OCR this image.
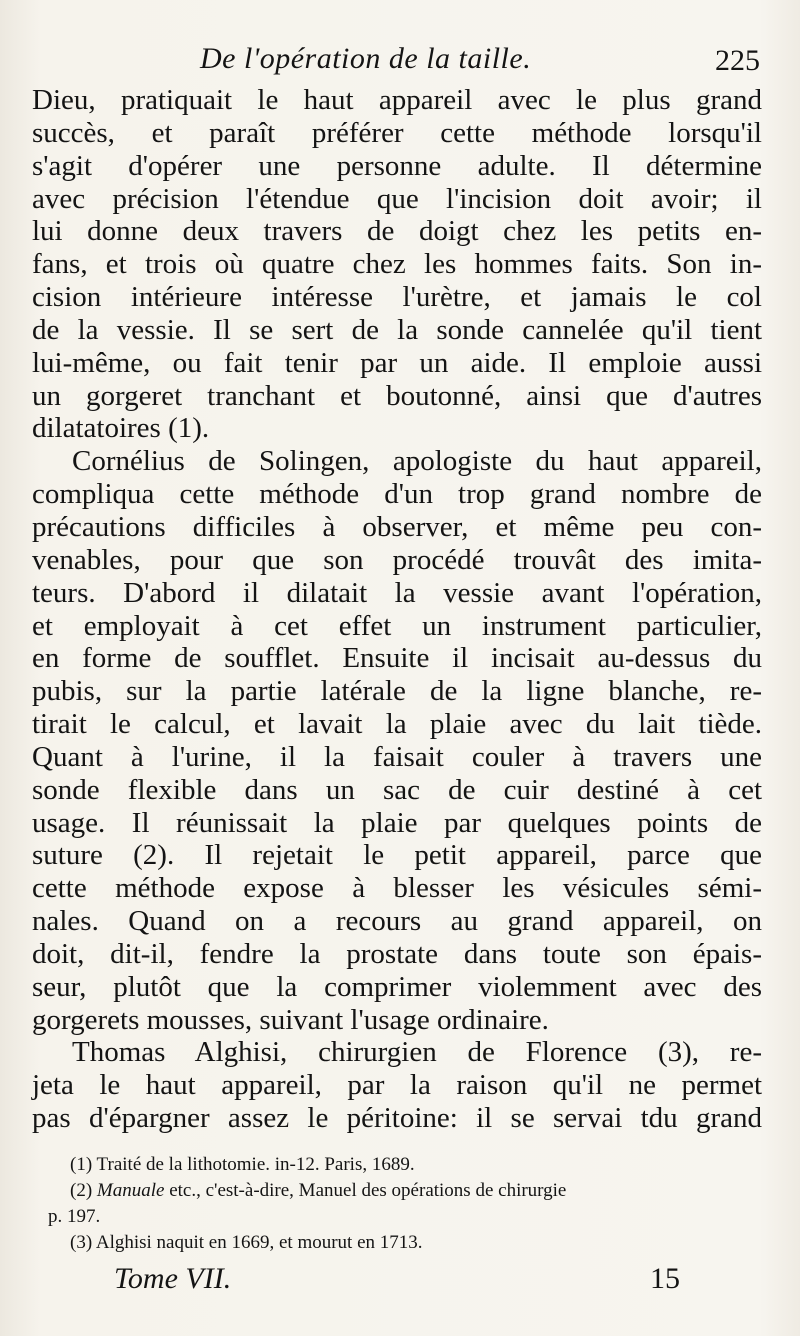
De l'opération de la taille.	225
Dieu, pratiquait le haut appareil avec le plus grand
succès, et paraît préférer cette méthode lorsqu'il
s'agit d'opérer une personne adulte. Il détermine
avec précision l'étendue que l'incision doit avoir; il
lui donne deux travers de doigt chez les petits en-
fans, et trois où quatre chez les hommes faits. Son in-
cision intérieure intéresse l'urètre, et jamais le col
de la vessie. Il se sert de la sonde cannelée qu'il tient
lui-même, ou fait tenir par un aide. Il emploie aussi
un gorgeret tranchant et boutonné, ainsi que d'autres
dilatatoires (1).
Cornélius de Solingen, apologiste du haut appareil,
compliqua cette méthode d'un trop grand nombre de
précautions difficiles à observer, et même peu con-
venables, pour que son procédé trouvât des imita-
teurs. D'abord il dilatait la vessie avant l'opération,
et employait à cet effet un instrument particulier,
en forme de soufflet. Ensuite il incisait au-dessus du
pubis, sur la partie latérale de la ligne blanche, re-
tirait le calcul, et lavait la plaie avec du lait tiède.
Quant à l'urine, il la faisait couler à travers une
sonde flexible dans un sac de cuir destiné à cet
usage. Il réunissait la plaie par quelques points de
suture (2). Il rejetait le petit appareil, parce que
cette méthode expose à blesser les vésicules sémi-
nales. Quand on a recours au grand appareil, on
doit, dit-il, fendre la prostate dans toute son épais-
seur, plutôt que la comprimer violemment avec des
gorgerets mousses, suivant l'usage ordinaire.
Thomas Alghisi, chirurgien de Florence (3), re-
jeta le haut appareil, par la raison qu'il ne permet
pas d'épargner assez le péritoine: il se servai tdu grand
(1) Traité de la lithotomie. in-12. Paris, 1689.
(2) Manuale etc., c'est-à-dire, Manuel des opérations de chirurgie
p. 197.
(3) Alghisi naquit en 1669, et mourut en 1713.
Tome VII.	15
